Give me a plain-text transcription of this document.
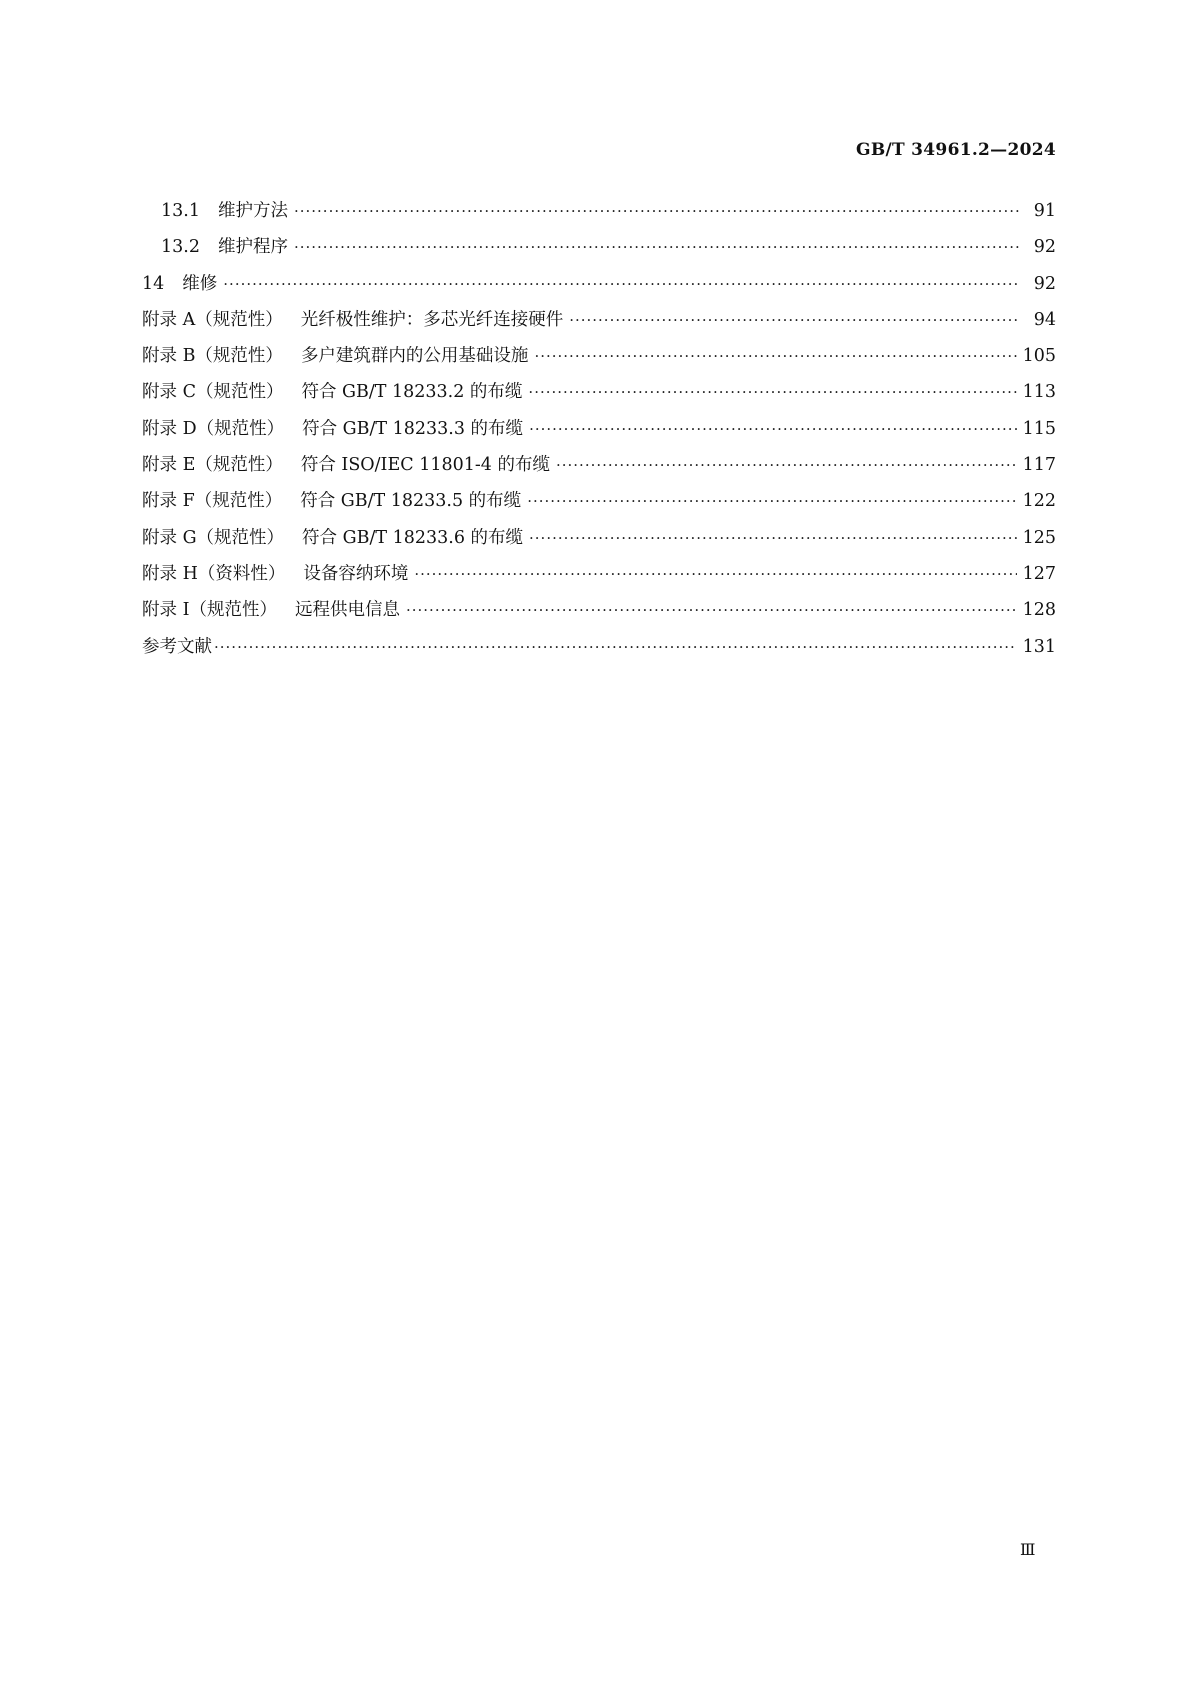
GB/T 34961.2—2024
13.1 维护方法 ·····	91
13.2 维护程序 ·····	92
14 维修 ·····	92
附录 A（规范性） 光纤极性维护：多芯光纤连接硬件 ·····	94
附录 B（规范性） 多户建筑群内的公用基础设施 ·····	105
附录 C（规范性） 符合 GB/T 18233.2 的布缆 ·····	113
附录 D（规范性） 符合 GB/T 18233.3 的布缆 ·····	115
附录 E（规范性） 符合 ISO/IEC 11801-4 的布缆 ·····	117
附录 F（规范性） 符合 GB/T 18233.5 的布缆 ·····	122
附录 G（规范性） 符合 GB/T 18233.6 的布缆 ·····	125
附录 H（资料性） 设备容纳环境 ·····	127
附录 I（规范性） 远程供电信息 ·····	128
参考文献 ·····	131
Ⅲ
